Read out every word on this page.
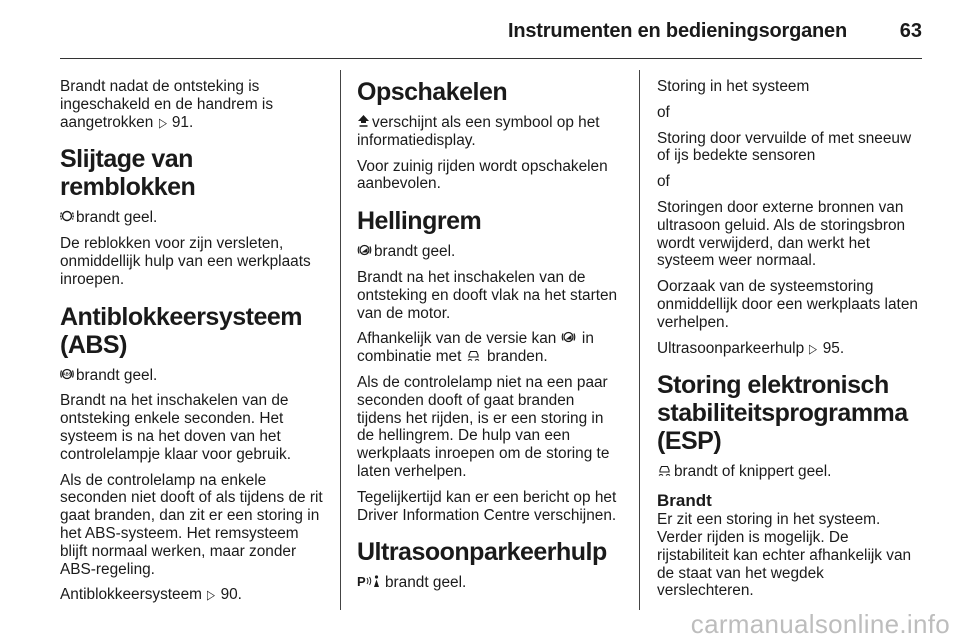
Instrumenten en bedieningsorganen	63

Brandt nadat de ontsteking is ingeschakeld en de handrem is aangetrokken ▷ 91.

Slijtage van remblokken

brandt geel.

De reblokken voor zijn versleten, onmiddellijk hulp van een werkplaats inroepen.

Antiblokkeersysteem (ABS)

ABS brandt geel.

Brandt na het inschakelen van de ontsteking enkele seconden. Het systeem is na het doven van het controlelampje klaar voor gebruik.

Als de controlelamp na enkele seconden niet dooft of als tijdens de rit gaat branden, dan zit er een storing in het ABS-systeem. Het remsysteem blijft normaal werken, maar zonder ABS-regeling.

Antiblokkeersysteem ▷ 90.

Opschakelen

verschijnt als een symbool op het informatiedisplay.

Voor zuinig rijden wordt opschakelen aanbevolen.

Hellingrem

brandt geel.

Brandt na het inschakelen van de ontsteking en dooft vlak na het starten van de motor.

Afhankelijk van de versie kan in combinatie met branden.

Als de controlelamp niet na een paar seconden dooft of gaat branden tijdens het rijden, is er een storing in de hellingrem. De hulp van een werkplaats inroepen om de storing te laten verhelpen.

Tegelijkertijd kan er een bericht op het Driver Information Centre verschijnen.

Ultrasoonparkeerhulp

P brandt geel.

Storing in het systeem

of

Storing door vervuilde of met sneeuw of ijs bedekte sensoren

of

Storingen door externe bronnen van ultrasoon geluid. Als de storingsbron wordt verwijderd, dan werkt het systeem weer normaal.

Oorzaak van de systeemstoring onmiddellijk door een werkplaats laten verhelpen.

Ultrasoonparkeerhulp ▷ 95.

Storing elektronisch stabiliteitsprogramma (ESP)

brandt of knippert geel.

Brandt

Er zit een storing in het systeem. Verder rijden is mogelijk. De rijstabiliteit kan echter afhankelijk van de staat van het wegdek verslechteren.

carmanualsonline.info
